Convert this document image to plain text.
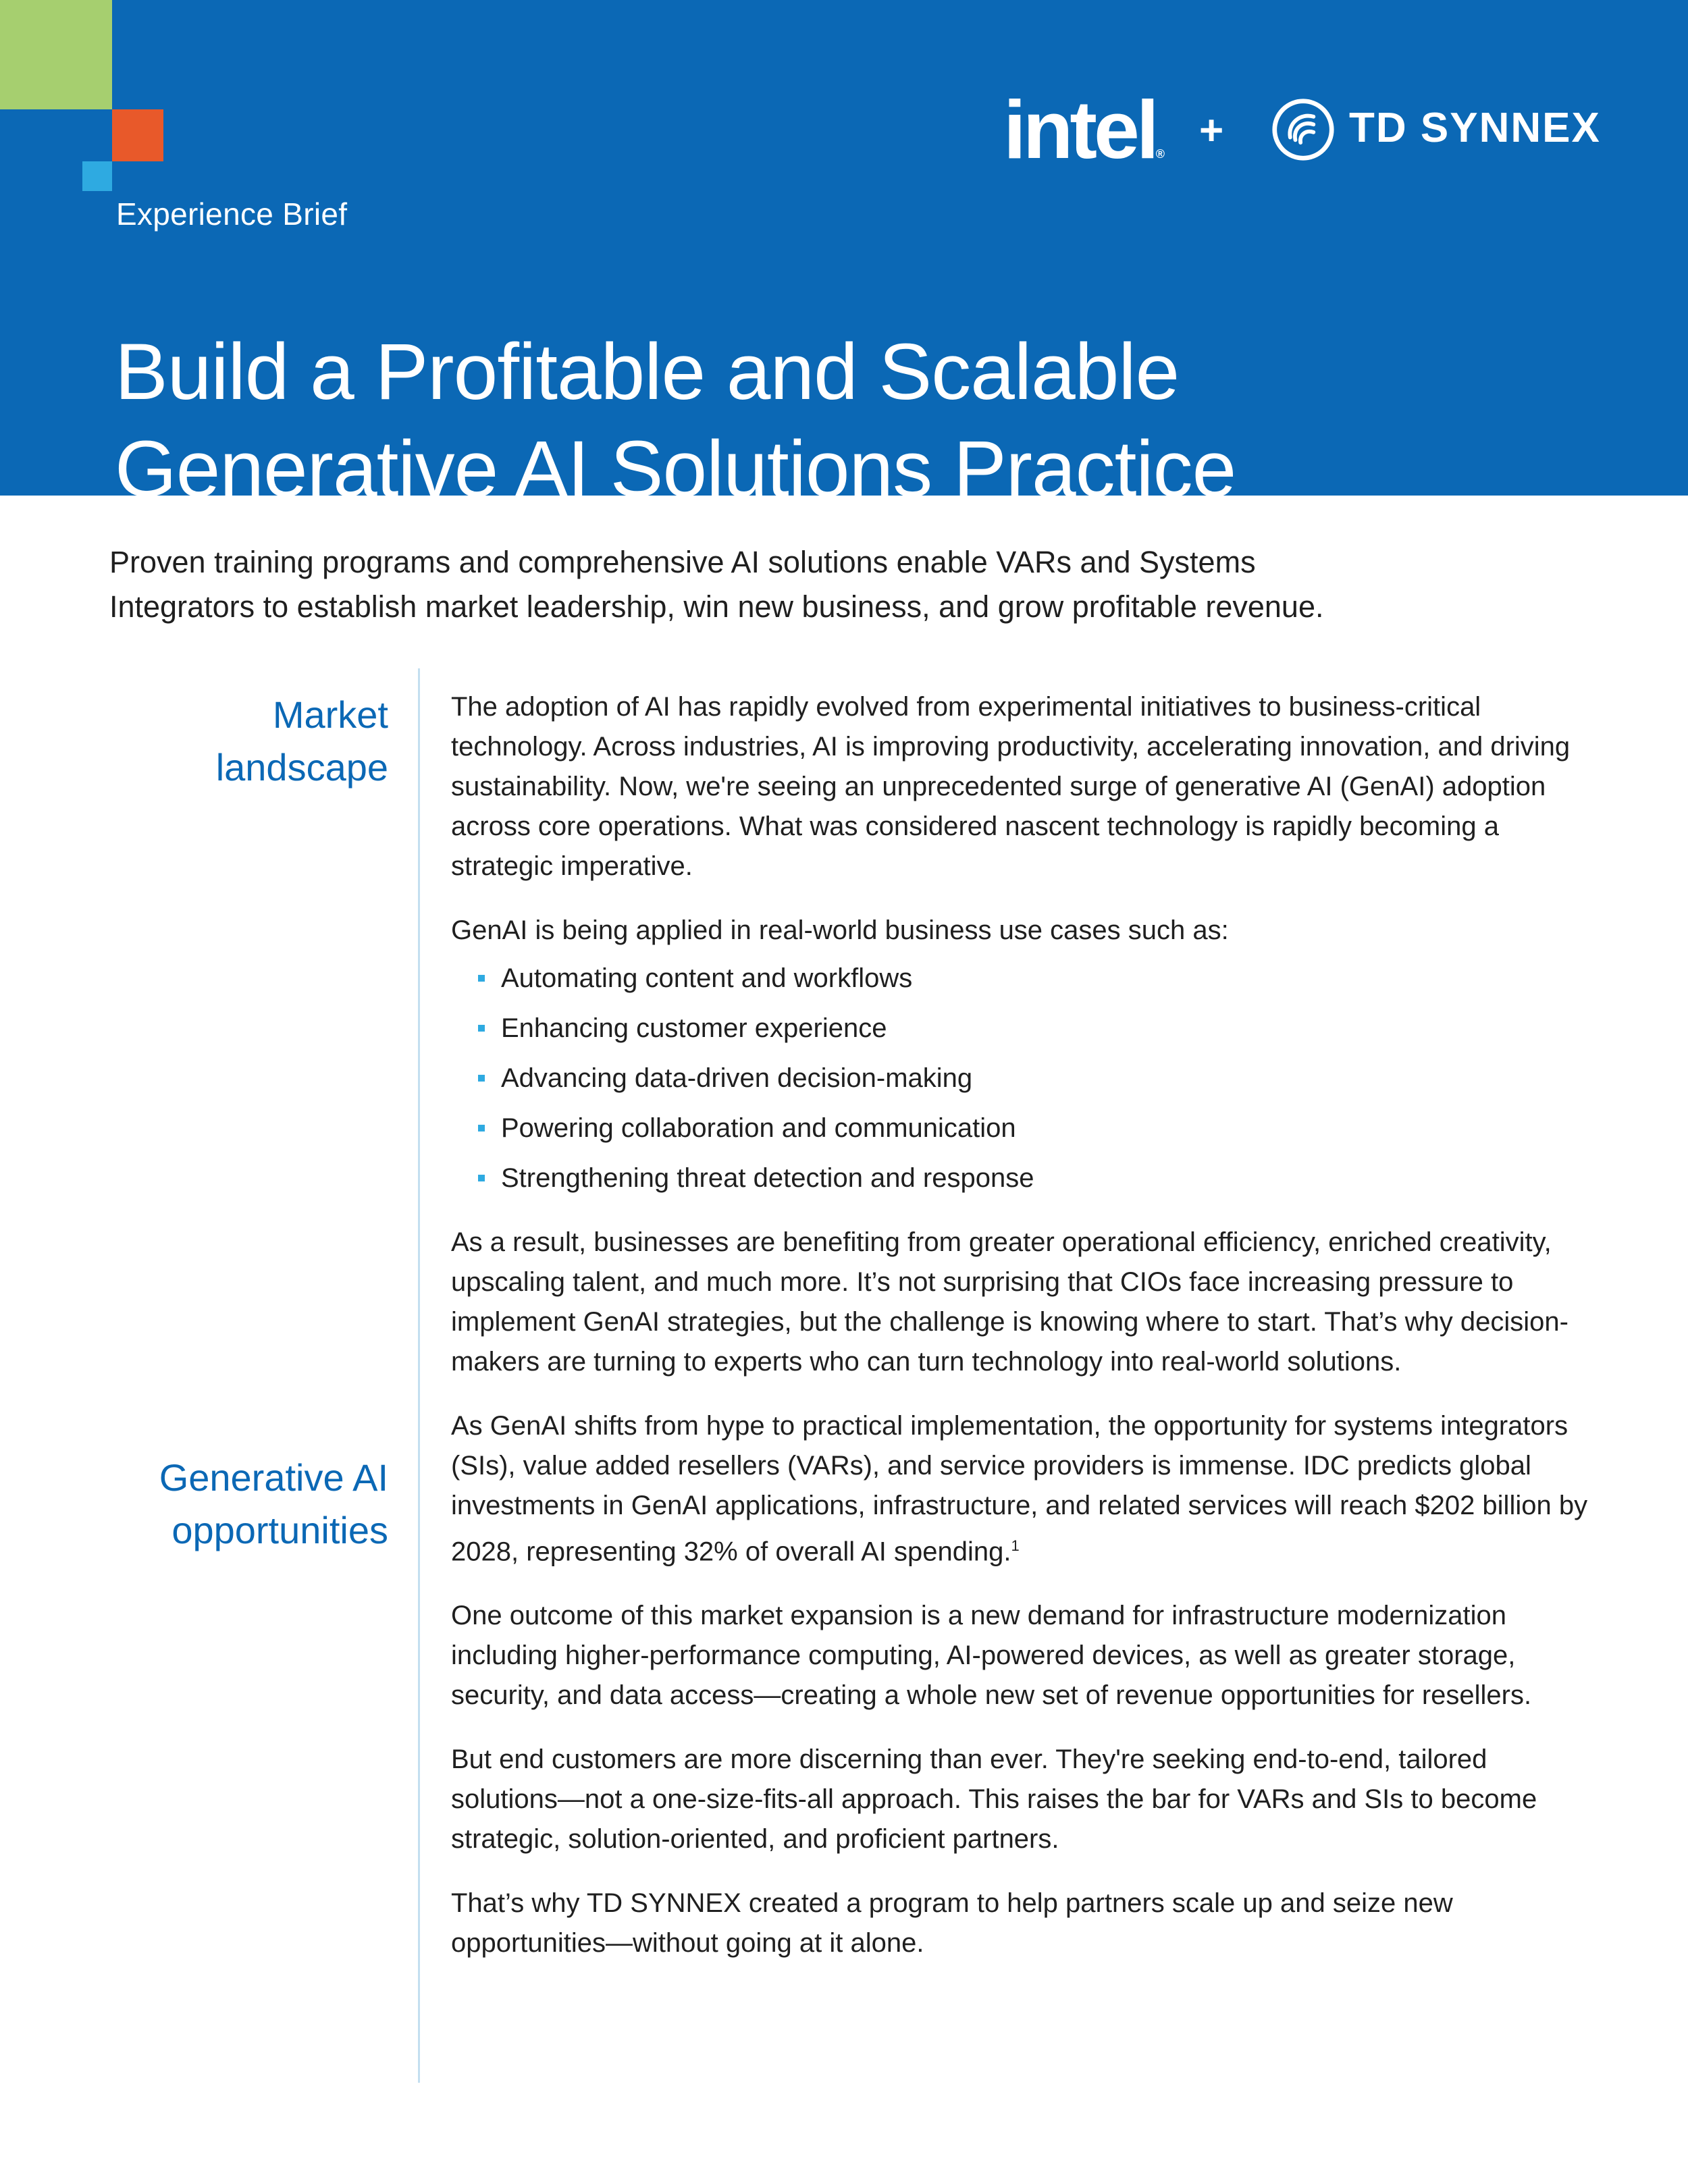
intel® +	TD SYNNEX
Experience Brief
Build a Profitable and Scalable
Generative AI Solutions Practice

Proven training programs and comprehensive AI solutions enable VARs and Systems

Integrators to establish market leadership, win new business, and grow profitable revenue.

Market
landscape
Generative AI
opportunities

The adoption of AI has rapidly evolved from experimental initiatives to business-critical technology. Across industries, AI is improving productivity, accelerating innovation, and driving sustainability. Now, we're seeing an unprecedented surge of generative AI (GenAI) adoption across core operations. What was considered nascent technology is rapidly becoming a strategic imperative.

GenAI is being applied in real-world business use cases such as:

Automating content and workflows
Enhancing customer experience
Advancing data-driven decision-making
Powering collaboration and communication
Strengthening threat detection and response

As a result, businesses are benefiting from greater operational efficiency, enriched creativity, upscaling talent, and much more. It’s not surprising that CIOs face increasing pressure to implement GenAI strategies, but the challenge is knowing where to start. That’s why decision-makers are turning to experts who can turn technology into real-world solutions.

As GenAI shifts from hype to practical implementation, the opportunity for systems integrators (SIs), value added resellers (VARs), and service providers is immense. IDC predicts global investments in GenAI applications, infrastructure, and related services will reach $202 billion by 2028, representing 32% of overall AI spending.$^1$

One outcome of this market expansion is a new demand for infrastructure modernization including higher-performance computing, AI-powered devices, as well as greater storage, security, and data access—creating a whole new set of revenue opportunities for resellers.

But end customers are more discerning than ever. They're seeking end-to-end, tailored solutions—not a one-size-fits-all approach. This raises the bar for VARs and SIs to become strategic, solution-oriented, and proficient partners.

That’s why TD SYNNEX created a program to help partners scale up and seize new opportunities—without going at it alone.
